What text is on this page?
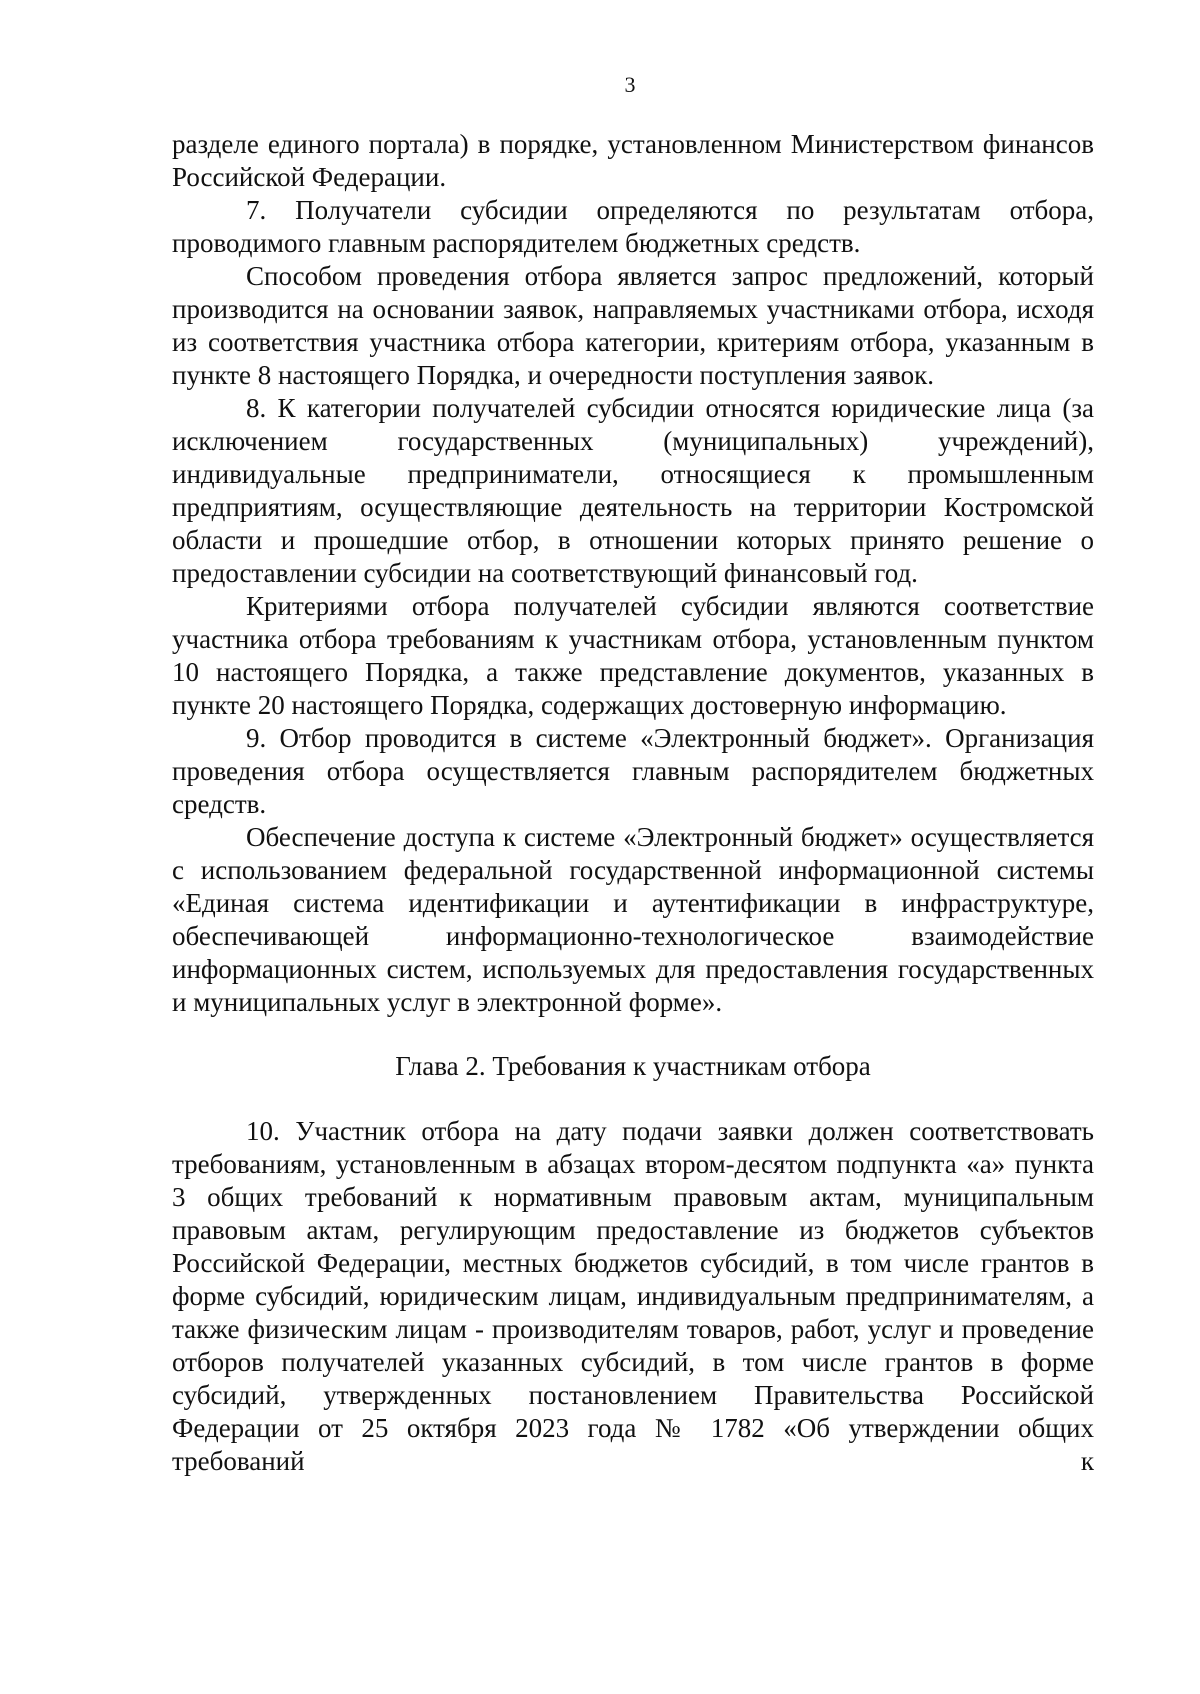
3

разделе единого портала) в порядке, установленном Министерством финансов Российской Федерации.

7. Получатели субсидии определяются по результатам отбора, проводимого главным распорядителем бюджетных средств.

Способом проведения отбора является запрос предложений, который производится на основании заявок, направляемых участниками отбора, исходя из соответствия участника отбора категории, критериям отбора, указанным в пункте 8 настоящего Порядка, и очередности поступления заявок.

8. К категории получателей субсидии относятся юридические лица (за исключением государственных (муниципальных) учреждений), индивидуальные предприниматели, относящиеся к промышленным предприятиям, осуществляющие деятельность на территории Костромской области и прошедшие отбор, в отношении которых принято решение о предоставлении субсидии на соответствующий финансовый год.

Критериями отбора получателей субсидии являются соответствие участника отбора требованиям к участникам отбора, установленным пунктом 10 настоящего Порядка, а также представление документов, указанных в пункте 20 настоящего Порядка, содержащих достоверную информацию.

9. Отбор проводится в системе «Электронный бюджет». Организация проведения отбора осуществляется главным распорядителем бюджетных средств.

Обеспечение доступа к системе «Электронный бюджет» осуществляется с использованием федеральной государственной информационной системы «Единая система идентификации и аутентификации в инфраструктуре, обеспечивающей информационно-технологическое взаимодействие информационных систем, используемых для предоставления государственных и муниципальных услуг в электронной форме».

Глава 2. Требования к участникам отбора

10. Участник отбора на дату подачи заявки должен соответствовать требованиям, установленным в абзацах втором-десятом подпункта «а» пункта 3 общих требований к нормативным правовым актам, муниципальным правовым актам, регулирующим предоставление из бюджетов субъектов Российской Федерации, местных бюджетов субсидий, в том числе грантов в форме субсидий, юридическим лицам, индивидуальным предпринимателям, а также физическим лицам - производителям товаров, работ, услуг и проведение отборов получателей указанных субсидий, в том числе грантов в форме субсидий, утвержденных постановлением Правительства Российской Федерации от 25 октября 2023 года № 1782 «Об утверждении общих требований к
